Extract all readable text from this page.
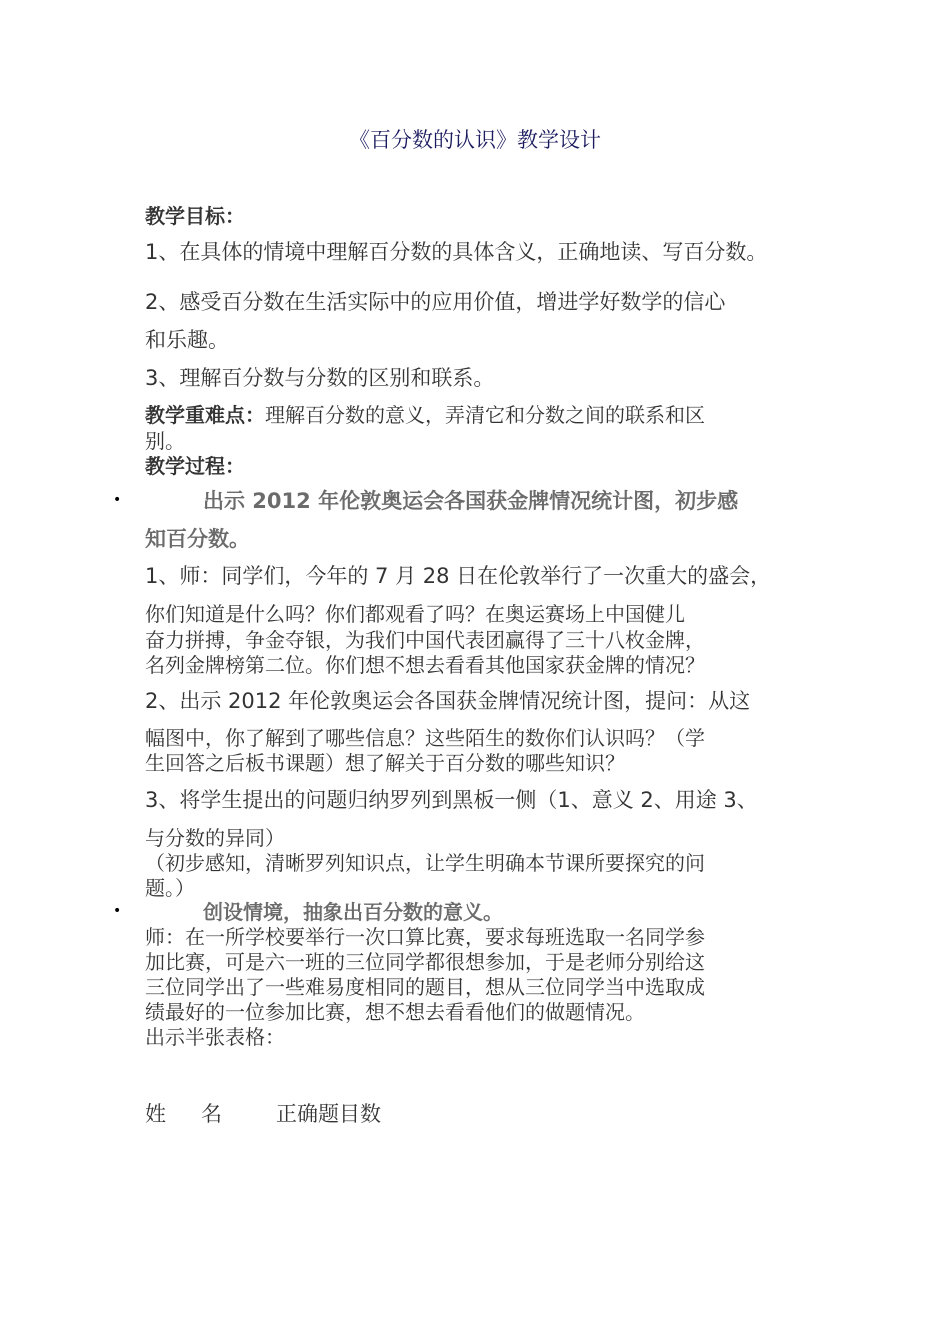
《百分数的认识》教学设计
教学目标：
1、在具体的情境中理解百分数的具体含义，正确地读、写百分数。
2、感受百分数在生活实际中的应用价值，增进学好数学的信心
和乐趣。
3、理解百分数与分数的区别和联系。
教学重难点：理解百分数的意义，弄清它和分数之间的联系和区
别。
教学过程：
•	出示 2012 年伦敦奥运会各国获金牌情况统计图，初步感
知百分数。
1、师：同学们，今年的 7 月 28 日在伦敦举行了一次重大的盛会，
你们知道是什么吗？你们都观看了吗？在奥运赛场上中国健儿
奋力拼搏，争金夺银，为我们中国代表团赢得了三十八枚金牌，
名列金牌榜第二位。你们想不想去看看其他国家获金牌的情况？
2、出示 2012 年伦敦奥运会各国获金牌情况统计图，提问：从这
幅图中，你了解到了哪些信息？这些陌生的数你们认识吗？（学
生回答之后板书课题）想了解关于百分数的哪些知识？
3、将学生提出的问题归纳罗列到黑板一侧（1、意义 2、用途 3、
与分数的异同）
（初步感知，清晰罗列知识点，让学生明确本节课所要探究的问
题。）
•	创设情境，抽象出百分数的意义。
师：在一所学校要举行一次口算比赛，要求每班选取一名同学参
加比赛，可是六一班的三位同学都很想参加，于是老师分别给这
三位同学出了一些难易度相同的题目，想从三位同学当中选取成
绩最好的一位参加比赛，想不想去看看他们的做题情况。
出示半张表格：
姓 名	正确题目数
